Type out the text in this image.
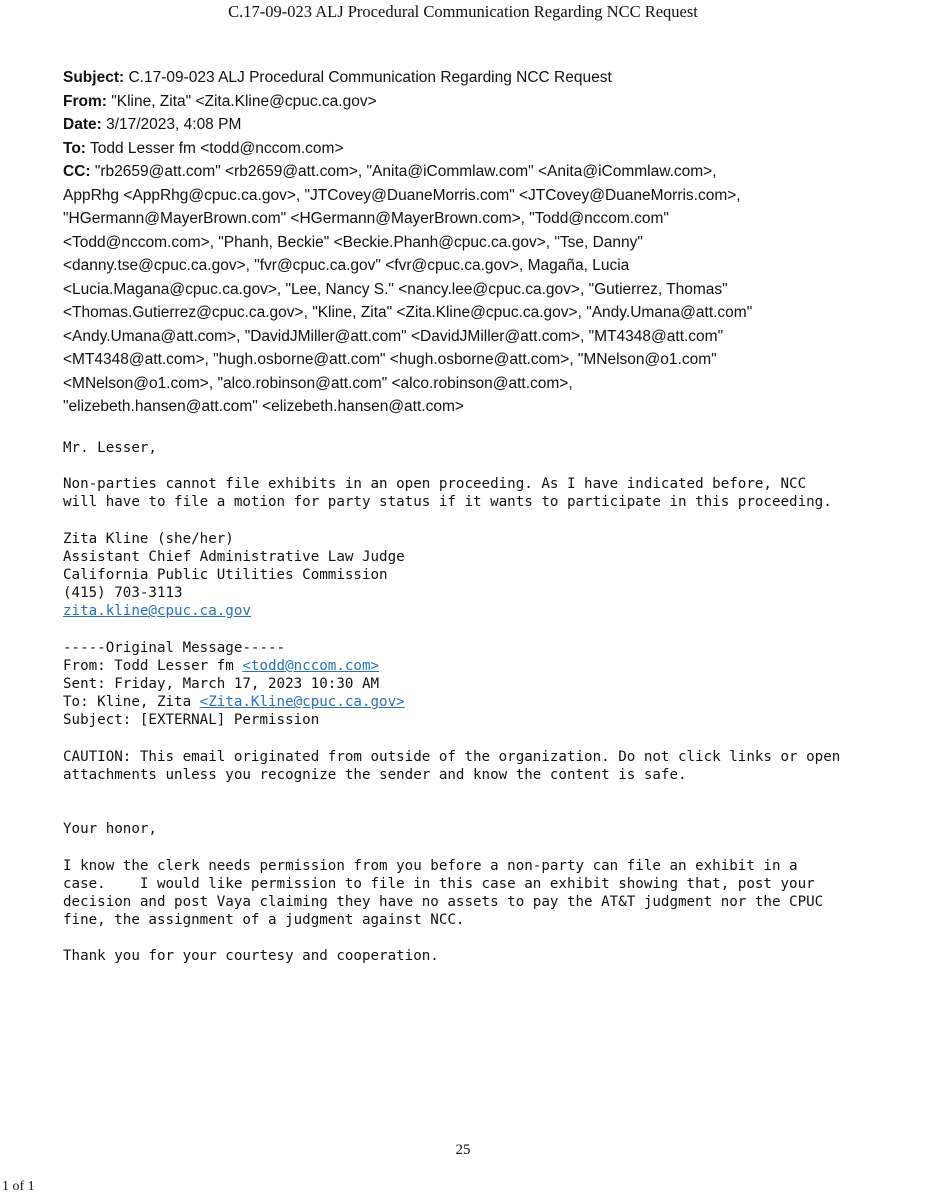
C.17-09-023 ALJ Procedural Communication Regarding NCC Request
Subject: C.17-09-023 ALJ Procedural Communication Regarding NCC Request
From: "Kline, Zita" <Zita.Kline@cpuc.ca.gov>
Date: 3/17/2023, 4:08 PM
To: Todd Lesser fm <todd@nccom.com>
CC: "rb2659@att.com" <rb2659@att.com>, "Anita@iCommlaw.com" <Anita@iCommlaw.com>,
AppRhg <AppRhg@cpuc.ca.gov>, "JTCovey@DuaneMorris.com" <JTCovey@DuaneMorris.com>,
"HGermann@MayerBrown.com" <HGermann@MayerBrown.com>, "Todd@nccom.com"
<Todd@nccom.com>, "Phanh, Beckie" <Beckie.Phanh@cpuc.ca.gov>, "Tse, Danny"
<danny.tse@cpuc.ca.gov>, "fvr@cpuc.ca.gov" <fvr@cpuc.ca.gov>, Magaña, Lucia
<Lucia.Magana@cpuc.ca.gov>, "Lee, Nancy S." <nancy.lee@cpuc.ca.gov>, "Gutierrez, Thomas"
<Thomas.Gutierrez@cpuc.ca.gov>, "Kline, Zita" <Zita.Kline@cpuc.ca.gov>, "Andy.Umana@att.com"
<Andy.Umana@att.com>, "DavidJMiller@att.com" <DavidJMiller@att.com>, "MT4348@att.com"
<MT4348@att.com>, "hugh.osborne@att.com" <hugh.osborne@att.com>, "MNelson@o1.com"
<MNelson@o1.com>, "alco.robinson@att.com" <alco.robinson@att.com>,
"elizebeth.hansen@att.com" <elizebeth.hansen@att.com>
Mr. Lesser,

Non-parties cannot file exhibits in an open proceeding. As I have indicated before, NCC
will have to file a motion for party status if it wants to participate in this proceeding.

Zita Kline (she/her)
Assistant Chief Administrative Law Judge
California Public Utilities Commission
(415) 703-3113
zita.kline@cpuc.ca.gov

-----Original Message-----
From: Todd Lesser fm <todd@nccom.com>
Sent: Friday, March 17, 2023 10:30 AM
To: Kline, Zita <Zita.Kline@cpuc.ca.gov>
Subject: [EXTERNAL] Permission

CAUTION: This email originated from outside of the organization. Do not click links or open
attachments unless you recognize the sender and know the content is safe.

Your honor,

I know the clerk needs permission from you before a non-party can file an exhibit in a
case.    I would like permission to file in this case an exhibit showing that, post your
decision and post Vaya claiming they have no assets to pay the AT&T judgment nor the CPUC
fine, the assignment of a judgment against NCC.

Thank you for your courtesy and cooperation.
25
1 of 1
